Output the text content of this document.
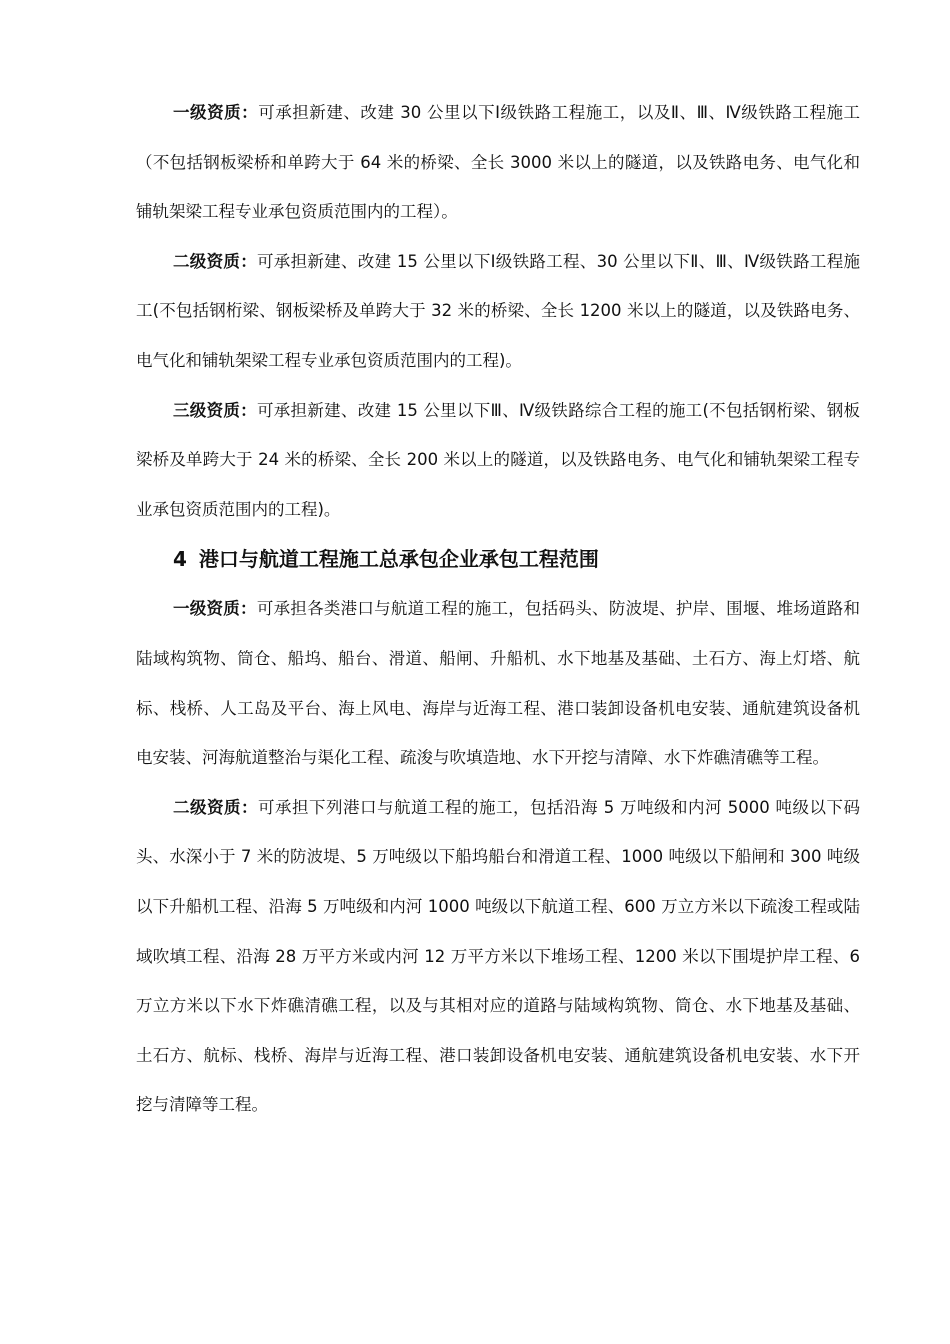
一级资质：可承担新建、改建 30 公里以下Ⅰ级铁路工程施工，以及Ⅱ、Ⅲ、Ⅳ级铁路工程施工（不包括钢板梁桥和单跨大于 64 米的桥梁、全长 3000 米以上的隧道，以及铁路电务、电气化和铺轨架梁工程专业承包资质范围内的工程）。

二级资质：可承担新建、改建 15 公里以下Ⅰ级铁路工程、30 公里以下Ⅱ、Ⅲ、Ⅳ级铁路工程施工(不包括钢桁梁、钢板梁桥及单跨大于 32 米的桥梁、全长 1200 米以上的隧道，以及铁路电务、电气化和铺轨架梁工程专业承包资质范围内的工程)。

三级资质：可承担新建、改建 15 公里以下Ⅲ、Ⅳ级铁路综合工程的施工(不包括钢桁梁、钢板梁桥及单跨大于 24 米的桥梁、全长 200 米以上的隧道，以及铁路电务、电气化和铺轨架梁工程专业承包资质范围内的工程)。

4 港口与航道工程施工总承包企业承包工程范围

一级资质：可承担各类港口与航道工程的施工，包括码头、防波堤、护岸、围堰、堆场道路和陆域构筑物、筒仓、船坞、船台、滑道、船闸、升船机、水下地基及基础、土石方、海上灯塔、航标、栈桥、人工岛及平台、海上风电、海岸与近海工程、港口装卸设备机电安装、通航建筑设备机电安装、河海航道整治与渠化工程、疏浚与吹填造地、水下开挖与清障、水下炸礁清礁等工程。

二级资质：可承担下列港口与航道工程的施工，包括沿海 5 万吨级和内河 5000 吨级以下码头、水深小于 7 米的防波堤、5 万吨级以下船坞船台和滑道工程、1000 吨级以下船闸和 300 吨级以下升船机工程、沿海 5 万吨级和内河 1000 吨级以下航道工程、600 万立方米以下疏浚工程或陆域吹填工程、沿海 28 万平方米或内河 12 万平方米以下堆场工程、1200 米以下围堤护岸工程、6 万立方米以下水下炸礁清礁工程，以及与其相对应的道路与陆域构筑物、筒仓、水下地基及基础、土石方、航标、栈桥、海岸与近海工程、港口装卸设备机电安装、通航建筑设备机电安装、水下开挖与清障等工程。
